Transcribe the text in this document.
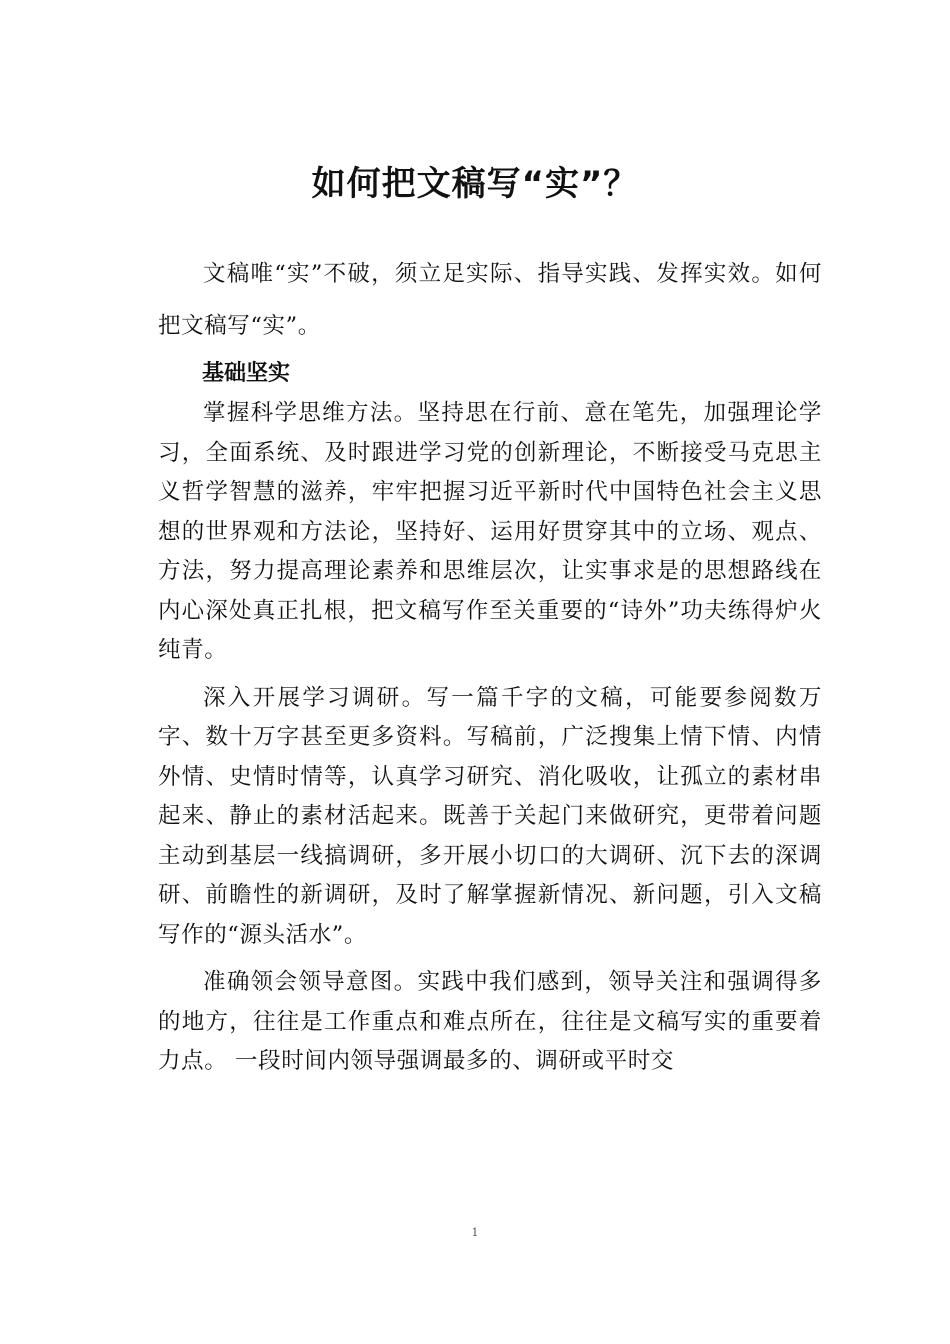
如何把文稿写“实”？

文稿唯“实”不破，须立足实际、指导实践、发挥实效。如何把文稿写“实”。

基础坚实

掌握科学思维方法。坚持思在行前、意在笔先，加强理论学习，全面系统、及时跟进学习党的创新理论，不断接受马克思主义哲学智慧的滋养，牢牢把握习近平新时代中国特色社会主义思想的世界观和方法论，坚持好、运用好贯穿其中的立场、观点、方法，努力提高理论素养和思维层次，让实事求是的思想路线在内心深处真正扎根，把文稿写作至关重要的“诗外”功夫练得炉火纯青。

深入开展学习调研。写一篇千字的文稿，可能要参阅数万字、数十万字甚至更多资料。写稿前，广泛搜集上情下情、内情外情、史情时情等，认真学习研究、消化吸收，让孤立的素材串起来、静止的素材活起来。既善于关起门来做研究，更带着问题主动到基层一线搞调研，多开展小切口的大调研、沉下去的深调研、前瞻性的新调研，及时了解掌握新情况、新问题，引入文稿写作的“源头活水”。

准确领会领导意图。实践中我们感到，领导关注和强调得多的地方，往往是工作重点和难点所在，往往是文稿写实的重要着力点。 一段时间内领导强调最多的、调研或平时交

1
